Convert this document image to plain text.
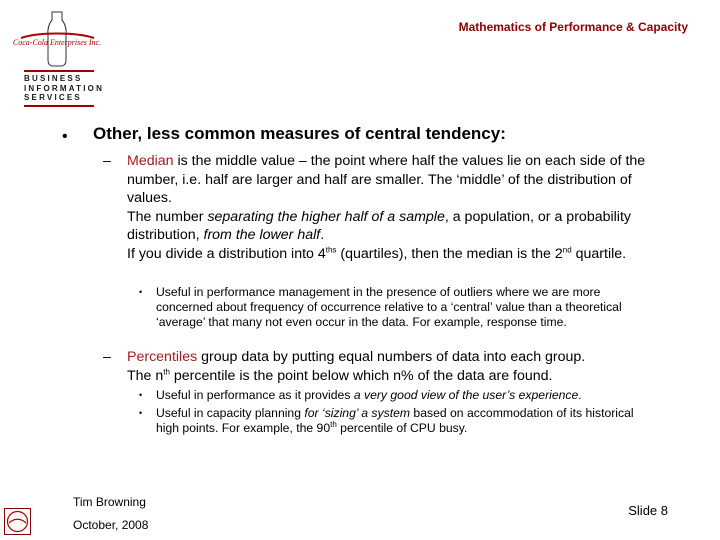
Mathematics of Performance & Capacity
Coca-Cola Enterprises Inc.
BUSINESS
INFORMATION
SERVICES
• Other, less common measures of central tendency:
– Median is the middle value – the point where half the values lie on each side of the number, i.e. half are larger and half are smaller. The ‘middle’ of the distribution of values.
The number separating the higher half of a sample, a population, or a probability distribution, from the lower half.
If you divide a distribution into $4^{ths}$ (quartiles), then the median is the 2nd quartile.
• Useful in performance management in the presence of outliers where we are more concerned about frequency of occurrence relative to a ‘central’ value than a theoretical ‘average’ that many not even occur in the data. For example, response time.
– Percentiles group data by putting equal numbers of data into each group.
The $n^{th}$ percentile is the point below which n% of the data are found.
• Useful in performance as it provides a very good view of the user’s experience.
• Useful in capacity planning for ‘sizing’ a system based on accommodation of its historical high points. For example, the 90th percentile of CPU busy.
Tim Browning
October, 2008
Slide 8
